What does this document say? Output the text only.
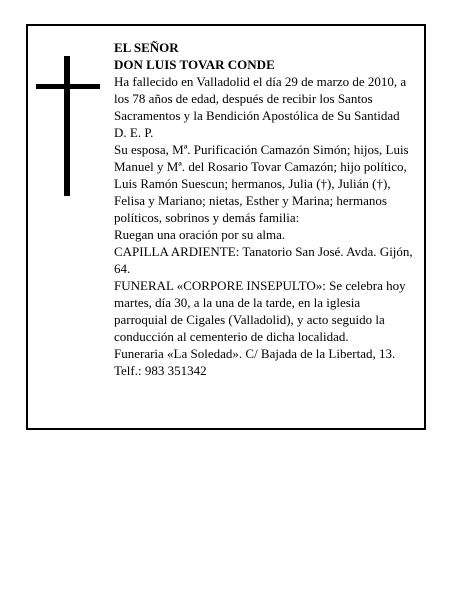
EL SEÑOR

DON LUIS TOVAR CONDE

Ha fallecido en Valladolid el día 29 de marzo de 2010, a los 78 años de edad, después de recibir los Santos Sacramentos y la Bendición Apostólica de Su Santidad D. E. P.

Su esposa, Mª. Purificación Camazón Simón; hijos, Luis Manuel y Mª. del Rosario Tovar Camazón; hijo político, Luis Ramón Suescun; hermanos, Julia (†), Julián (†), Felisa y Mariano; nietas, Esther y Marina; hermanos políticos, sobrinos y demás familia:

Ruegan una oración por su alma.

CAPILLA ARDIENTE: Tanatorio San José. Avda. Gijón, 64.

FUNERAL «CORPORE INSEPULTO»: Se celebra hoy martes, día 30, a la una de la tarde, en la iglesia parroquial de Cigales (Valladolid), y acto seguido la conducción al cementerio de dicha localidad.

Funeraria «La Soledad». C/ Bajada de la Libertad, 13. Telf.: 983 351342
